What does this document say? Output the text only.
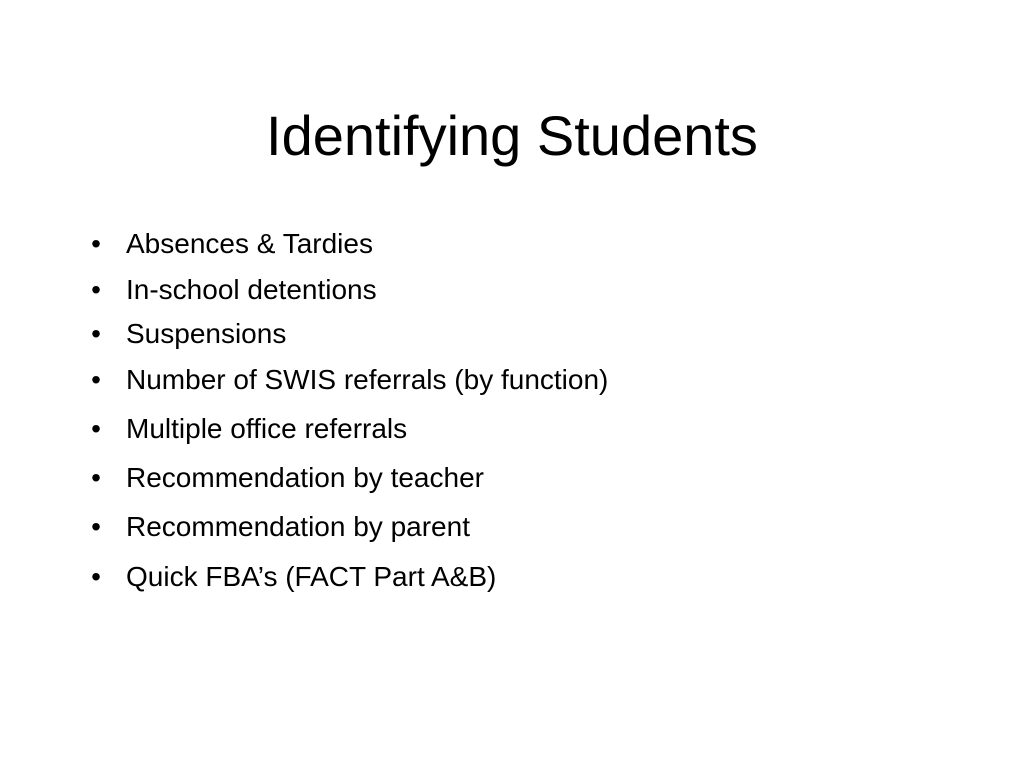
Identifying Students
• Absences & Tardies
• In-school detentions
• Suspensions
• Number of SWIS referrals (by function)
• Multiple office referrals
• Recommendation by teacher
• Recommendation by parent
• Quick FBA’s (FACT Part A&B)
